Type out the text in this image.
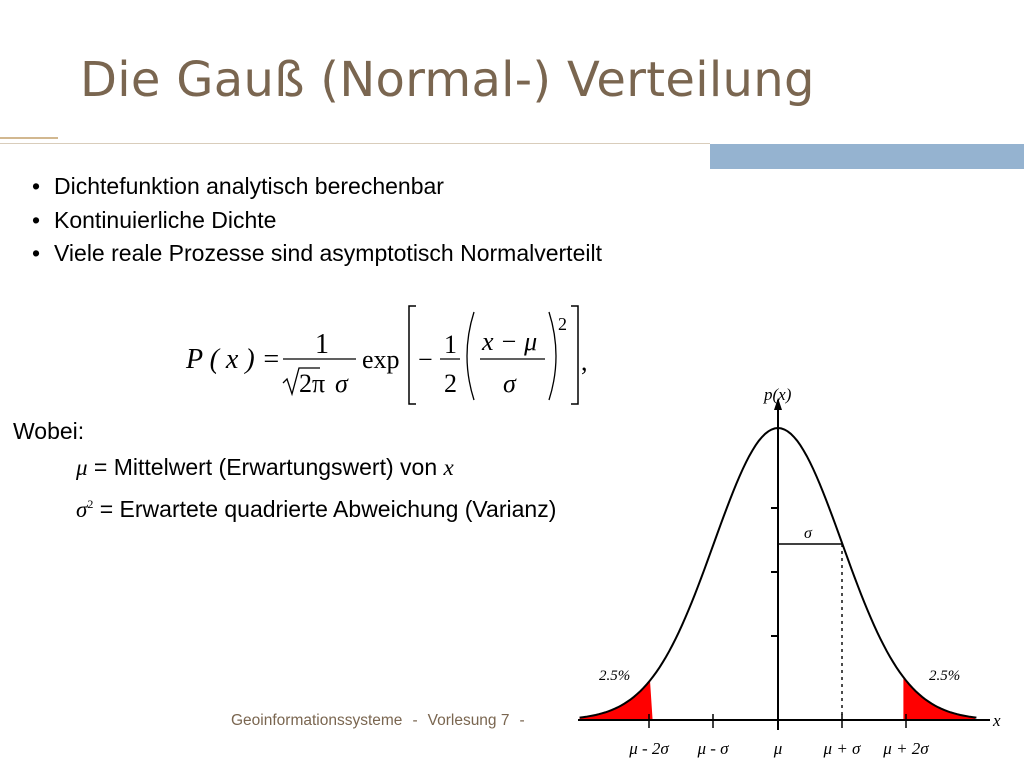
Die Gauß (Normal-) Verteilung
• Dichtefunktion analytisch berechenbar
• Kontinuierliche Dichte
• Viele reale Prozesse sind asymptotisch Normalverteilt
P ( x ) = 1
2π σ
exp −
1
2
x − μ
σ
2
,
Wobei:
μ = Mittelwert (Erwartungswert) von x
$\sigma^2$ = Erwartete quadrierte Abweichung (Varianz)
p(x)
x
σ
2.5%	2.5%
μ - 2σ μ - σ	μ μ + σ μ + 2σ
Geoinformationssysteme - Vorlesung 7 -
